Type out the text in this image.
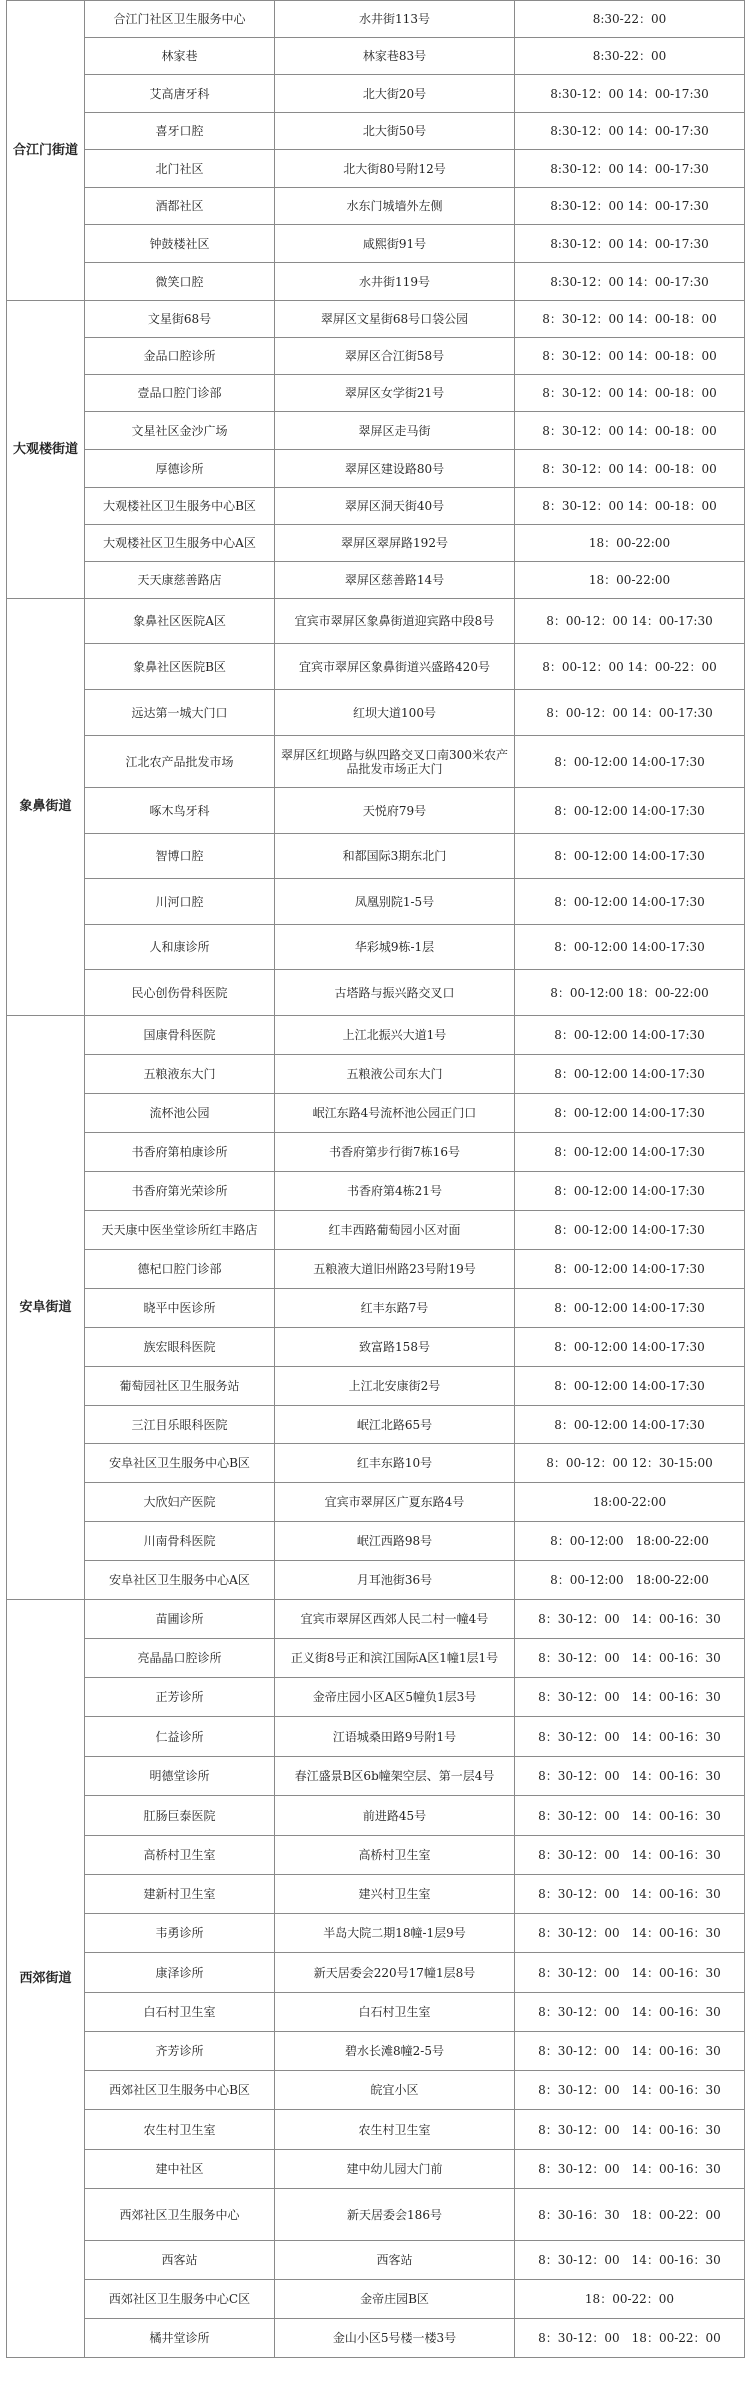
合江门街道	合江门社区卫生服务中心	水井街113号	8:30-22：00
	林家巷	林家巷83号	8:30-22：00
	艾高唐牙科	北大街20号	8:30-12：00 14：00-17:30
	喜牙口腔	北大街50号	8:30-12：00 14：00-17:30
	北门社区	北大街80号附12号	8:30-12：00 14：00-17:30
	酒都社区	水东门城墙外左侧	8:30-12：00 14：00-17:30
	钟鼓楼社区	咸熙街91号	8:30-12：00 14：00-17:30
	微笑口腔	水井街119号	8:30-12：00 14：00-17:30
大观楼街道	文星街68号	翠屏区文星街68号口袋公园	8：30-12：00 14：00-18：00
	金品口腔诊所	翠屏区合江街58号	8：30-12：00 14：00-18：00
	壹品口腔门诊部	翠屏区女学街21号	8：30-12：00 14：00-18：00
	文星社区金沙广场	翠屏区走马街	8：30-12：00 14：00-18：00
	厚德诊所	翠屏区建设路80号	8：30-12：00 14：00-18：00
	大观楼社区卫生服务中心B区	翠屏区洞天街40号	8：30-12：00 14：00-18：00
	大观楼社区卫生服务中心A区	翠屏区翠屏路192号	18：00-22:00
	天天康慈善路店	翠屏区慈善路14号	18：00-22:00
象鼻街道	象鼻社区医院A区	宜宾市翠屏区象鼻街道迎宾路中段8号	8：00-12：00 14：00-17:30
	象鼻社区医院B区	宜宾市翠屏区象鼻街道兴盛路420号	8：00-12：00 14：00-22：00
	远达第一城大门口	红坝大道100号	8：00-12：00 14：00-17:30
	江北农产品批发市场	翠屏区红坝路与纵四路交叉口南300米农产品批发市场正大门	8：00-12:00 14:00-17:30
	啄木鸟牙科	天悦府79号	8：00-12:00 14:00-17:30
	智博口腔	和都国际3期东北门	8：00-12:00 14:00-17:30
	川河口腔	凤凰别院1-5号	8：00-12:00 14:00-17:30
	人和康诊所	华彩城9栋-1层	8：00-12:00 14:00-17:30
	民心创伤骨科医院	古塔路与振兴路交叉口	8：00-12:00 18：00-22:00
安阜街道	国康骨科医院	上江北振兴大道1号	8：00-12:00 14:00-17:30
	五粮液东大门	五粮液公司东大门	8：00-12:00 14:00-17:30
	流杯池公园	岷江东路4号流杯池公园正门口	8：00-12:00 14:00-17:30
	书香府第柏康诊所	书香府第步行街7栋16号	8：00-12:00 14:00-17:30
	书香府第光荣诊所	书香府第4栋21号	8：00-12:00 14:00-17:30
	天天康中医坐堂诊所红丰路店	红丰西路葡萄园小区对面	8：00-12:00 14:00-17:30
	德杞口腔门诊部	五粮液大道旧州路23号附19号	8：00-12:00 14:00-17:30
	晓平中医诊所	红丰东路7号	8：00-12:00 14:00-17:30
	族宏眼科医院	致富路158号	8：00-12:00 14:00-17:30
	葡萄园社区卫生服务站	上江北安康街2号	8：00-12:00 14:00-17:30
	三江目乐眼科医院	岷江北路65号	8：00-12:00 14:00-17:30
	安阜社区卫生服务中心B区	红丰东路10号	8：00-12：00 12：30-15:00
	大欣妇产医院	宜宾市翠屏区广夏东路4号	18:00-22:00
	川南骨科医院	岷江西路98号	8：00-12:00　18:00-22:00
	安阜社区卫生服务中心A区	月耳池街36号	8：00-12:00　18:00-22:00
西郊街道	苗圃诊所	宜宾市翠屏区西郊人民二村一幢4号	8：30-12：00　14：00-16：30
	亮晶晶口腔诊所	正义街8号正和滨江国际A区1幢1层1号	8：30-12：00　14：00-16：30
	正芳诊所	金帝庄园小区A区5幢负1层3号	8：30-12：00　14：00-16：30
	仁益诊所	江语城桑田路9号附1号	8：30-12：00　14：00-16：30
	明德堂诊所	春江盛景B区6b幢架空层、第一层4号	8：30-12：00　14：00-16：30
	肛肠巨泰医院	前进路45号	8：30-12：00　14：00-16：30
	高桥村卫生室	高桥村卫生室	8：30-12：00　14：00-16：30
	建新村卫生室	建兴村卫生室	8：30-12：00　14：00-16：30
	韦勇诊所	半岛大院二期18幢-1层9号	8：30-12：00　14：00-16：30
	康泽诊所	新天居委会220号17幢1层8号	8：30-12：00　14：00-16：30
	白石村卫生室	白石村卫生室	8：30-12：00　14：00-16：30
	齐芳诊所	碧水长滩8幢2-5号	8：30-12：00　14：00-16：30
	西郊社区卫生服务中心B区	皖宜小区	8：30-12：00　14：00-16：30
	农生村卫生室	农生村卫生室	8：30-12：00　14：00-16：30
	建中社区	建中幼儿园大门前	8：30-12：00　14：00-16：30
	西郊社区卫生服务中心	新天居委会186号	8：30-16：30　18：00-22：00
	西客站	西客站	8：30-12：00　14：00-16：30
	西郊社区卫生服务中心C区	金帝庄园B区	18：00-22：00
	橘井堂诊所	金山小区5号楼一楼3号	8：30-12：00　18：00-22：00
